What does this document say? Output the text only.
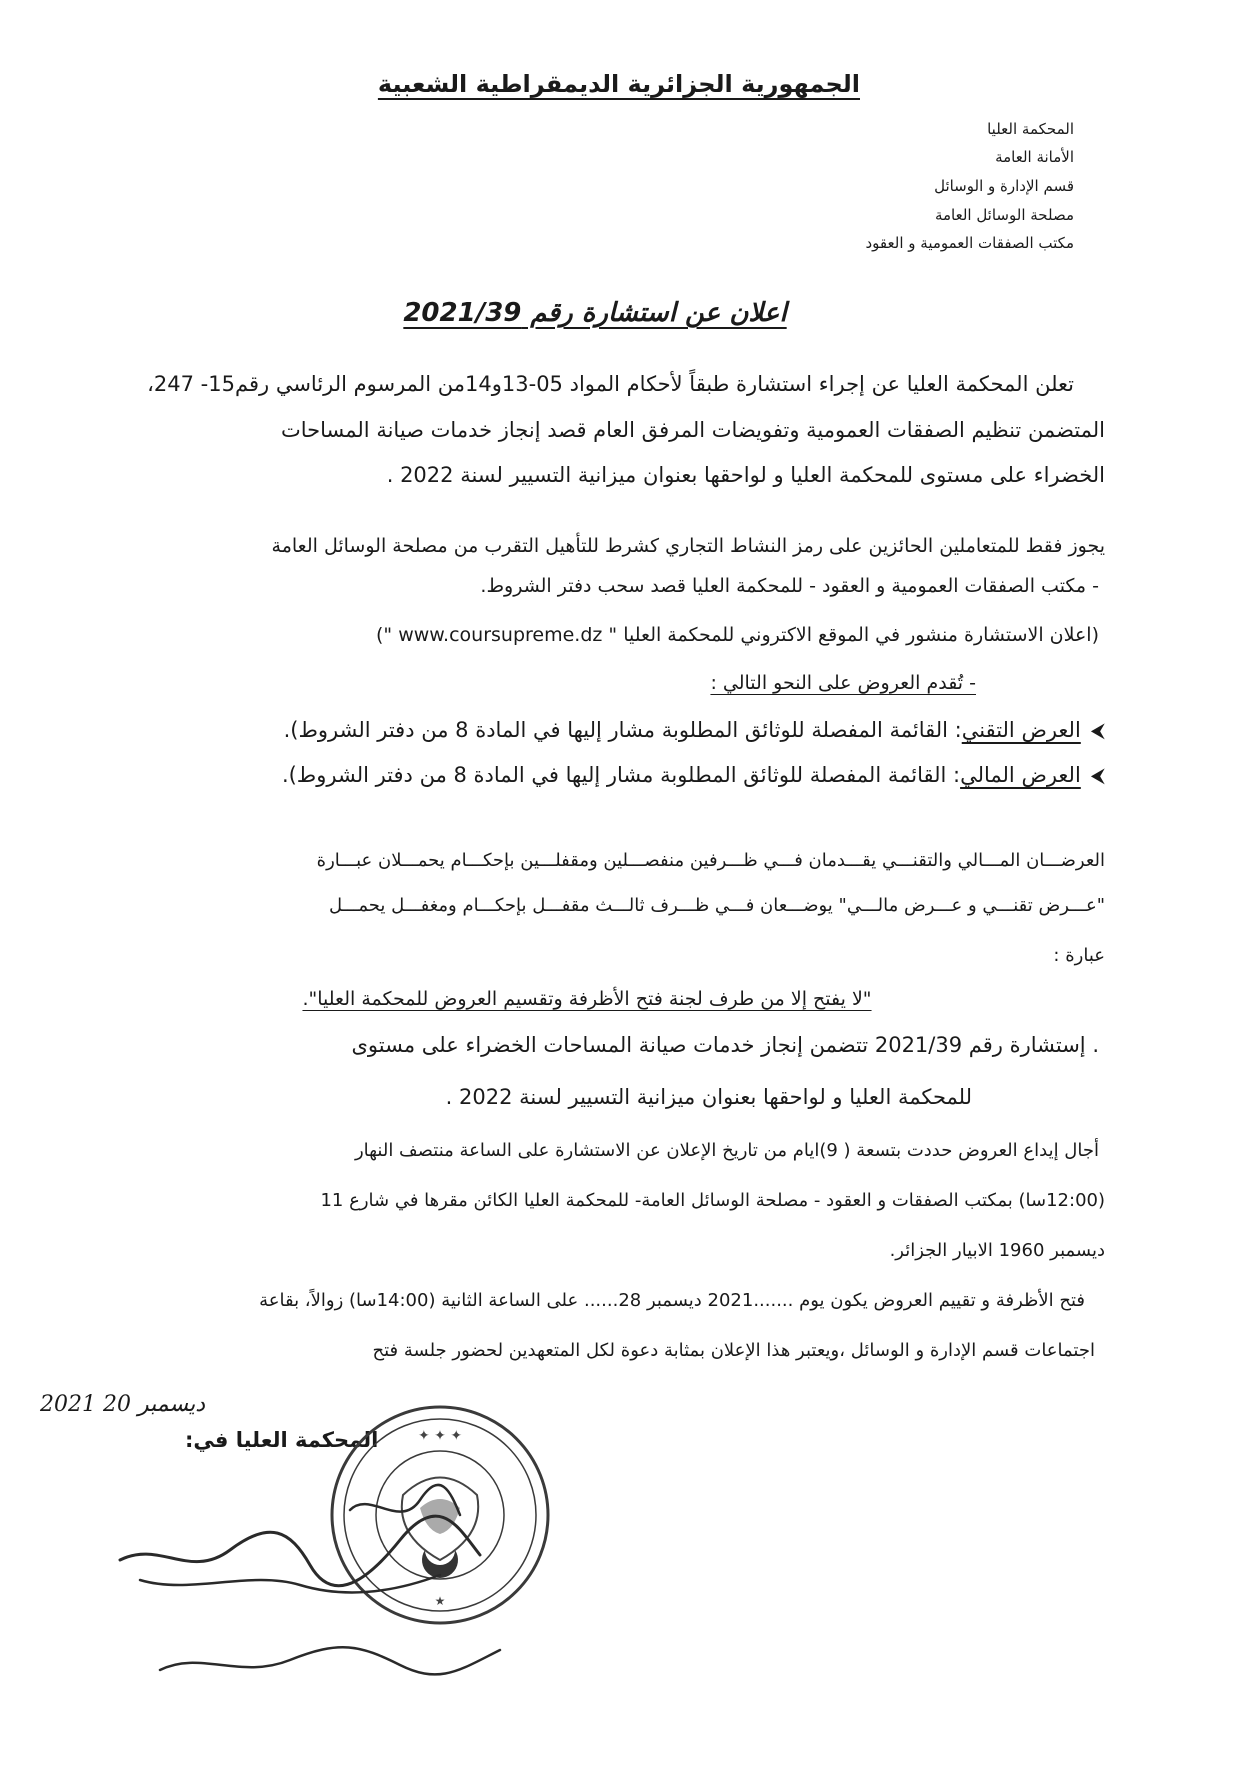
الجمهورية الجزائرية الديمقراطية الشعبية
المحكمة العليا
الأمانة العامة
قسم الإدارة و الوسائل
مصلحة الوسائل العامة
مكتب الصفقات العمومية و العقود
اعلان عن استشارة رقم 2021/39
تعلن المحكمة العليا عن إجراء استشارة طبقاً لأحكام المواد 05-13و14من المرسوم الرئاسي رقم15- 247،
المتضمن تنظيم الصفقات العمومية وتفويضات المرفق العام قصد إنجاز خدمات صيانة المساحات
الخضراء على مستوى للمحكمة العليا و لواحقها بعنوان ميزانية التسيير لسنة 2022 .
يجوز فقط للمتعاملين الحائزين على رمز النشاط التجاري كشرط للتأهيل التقرب من مصلحة الوسائل العامة
- مكتب الصفقات العمومية و العقود - للمحكمة العليا قصد سحب دفتر الشروط.
(اعلان الاستشارة منشور في الموقع الاكتروني للمحكمة العليا " www.coursupreme.dz ")
- تُقدم العروض على النحو التالي :
⮜العرض التقني: القائمة المفصلة للوثائق المطلوبة مشار إليها في المادة 8 من دفتر الشروط).
⮜العرض المالي: القائمة المفصلة للوثائق المطلوبة مشار إليها في المادة 8 من دفتر الشروط).
العرضـــان المـــالي والتقنـــي يقـــدمان فـــي ظـــرفين منفصـــلين ومقفلـــين بإحكـــام يحمـــلان عبـــارة
"عـــرض تقنـــي و عـــرض مالـــي" يوضـــعان فـــي ظـــرف ثالـــث مقفـــل بإحكـــام ومغفـــل يحمـــل
عبارة :
"لا يفتح إلا من طرف لجنة فتح الأظرفة وتقسيم العروض للمحكمة العليا".
. إستشارة رقم 2021/39 تتضمن إنجاز خدمات صيانة المساحات الخضراء على مستوى
للمحكمة العليا و لواحقها بعنوان ميزانية التسيير لسنة 2022 .
أجال إيداع العروض حددت بتسعة ( 9)ايام من تاريخ الإعلان عن الاستشارة على الساعة منتصف النهار
(12:00سا) بمكتب الصفقات و العقود - مصلحة الوسائل العامة- للمحكمة العليا الكائن مقرها في شارع 11
ديسمبر 1960 الابيار الجزائر.
فتح الأظرفة و تقييم العروض يكون يوم .......2021 ديسمبر 28...... على الساعة الثانية (14:00سا) زوالاً، بقاعة
اجتماعات قسم الإدارة و الوسائل ،ويعتبر هذا الإعلان بمثابة دعوة لكل المتعهدين لحضور جلسة فتح
2021 ديسمبر 20
المحكمة العليا في:	✦ ✦ ✦
★
